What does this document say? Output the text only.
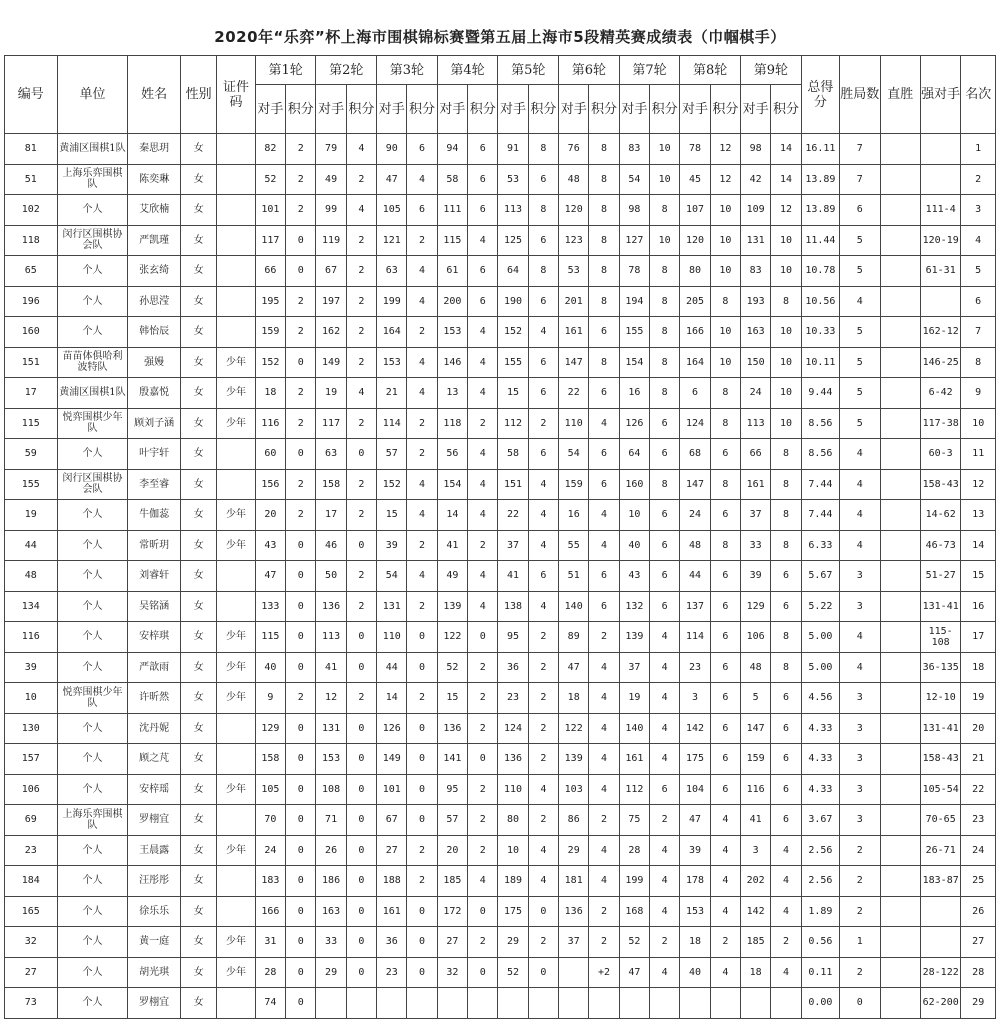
2020年“乐弈”杯上海市围棋锦标赛暨第五届上海市5段精英赛成绩表（巾帼棋手）
编号	单位	姓名	性别	证件码	第1轮		第2轮		第3轮		第4轮		第5轮		第6轮		第7轮		第8轮		第9轮		总得分	胜局数	直胜	强对手	名次
					对手	积分	对手	积分	对手	积分	对手	积分	对手	积分	对手	积分	对手	积分	对手	积分	对手	积分					
81	黄浦区围棋1队	秦思玥	女		82	2	79	4	90	6	94	6	91	8	76	8	83	10	78	12	98	14	16.11	7			1
51	上海乐弈围棋队	陈奕琳	女		52	2	49	2	47	4	58	6	53	6	48	8	54	10	45	12	42	14	13.89	7			2
102	个人	艾欣楠	女		101	2	99	4	105	6	111	6	113	8	120	8	98	8	107	10	109	12	13.89	6		111-4	3
118	闵行区围棋协会队	严凯瑾	女		117	0	119	2	121	2	115	4	125	6	123	8	127	10	120	10	131	10	11.44	5		120-19	4
65	个人	张玄绮	女		66	0	67	2	63	4	61	6	64	8	53	8	78	8	80	10	83	10	10.78	5		61-31	5
196	个人	孙思滢	女		195	2	197	2	199	4	200	6	190	6	201	8	194	8	205	8	193	8	10.56	4			6
160	个人	韩怡辰	女		159	2	162	2	164	2	153	4	152	4	161	6	155	8	166	10	163	10	10.33	5		162-12	7
151	苗苗体俱哈利波特队	强嫚	女	少年	152	0	149	2	153	4	146	4	155	6	147	8	154	8	164	10	150	10	10.11	5		146-25	8
17	黄浦区围棋1队	殷嘉悦	女	少年	18	2	19	4	21	4	13	4	15	6	22	6	16	8	6	8	24	10	9.44	5		6-42	9
115	悦弈围棋少年队	顾刘子涵	女	少年	116	2	117	2	114	2	118	2	112	2	110	4	126	6	124	8	113	10	8.56	5		117-38	10
59	个人	叶宇轩	女		60	0	63	0	57	2	56	4	58	6	54	6	64	6	68	6	66	8	8.56	4		60-3	11
155	闵行区围棋协会队	李至睿	女		156	2	158	2	152	4	154	4	151	4	159	6	160	8	147	8	161	8	7.44	4		158-43	12
19	个人	牛伽蕊	女	少年	20	2	17	2	15	4	14	4	22	4	16	4	10	6	24	6	37	8	7.44	4		14-62	13
44	个人	常昕玥	女	少年	43	0	46	0	39	2	41	2	37	4	55	4	40	6	48	8	33	8	6.33	4		46-73	14
48	个人	刘睿轩	女		47	0	50	2	54	4	49	4	41	6	51	6	43	6	44	6	39	6	5.67	3		51-27	15
134	个人	吴铭涵	女		133	0	136	2	131	2	139	4	138	4	140	6	132	6	137	6	129	6	5.22	3		131-41	16
116	个人	安梓琪	女	少年	115	0	113	0	110	0	122	0	95	2	89	2	139	4	114	6	106	8	5.00	4		115-108	17
39	个人	严歆雨	女	少年	40	0	41	0	44	0	52	2	36	2	47	4	37	4	23	6	48	8	5.00	4		36-135	18
10	悦弈围棋少年队	许昕然	女	少年	9	2	12	2	14	2	15	2	23	2	18	4	19	4	3	6	5	6	4.56	3		12-10	19
130	个人	沈丹妮	女		129	0	131	0	126	0	136	2	124	2	122	4	140	4	142	6	147	6	4.33	3		131-41	20
157	个人	顾之芃	女		158	0	153	0	149	0	141	0	136	2	139	4	161	4	175	6	159	6	4.33	3		158-43	21
106	个人	安梓瑶	女	少年	105	0	108	0	101	0	95	2	110	4	103	4	112	6	104	6	116	6	4.33	3		105-54	22
69	上海乐弈围棋队	罗栩宜	女		70	0	71	0	67	0	57	2	80	2	86	2	75	2	47	4	41	6	3.67	3		70-65	23
23	个人	王晨露	女	少年	24	0	26	0	27	2	20	2	10	4	29	4	28	4	39	4	3	4	2.56	2		26-71	24
184	个人	汪彤彤	女		183	0	186	0	188	2	185	4	189	4	181	4	199	4	178	4	202	4	2.56	2		183-87	25
165	个人	徐乐乐	女		166	0	163	0	161	0	172	0	175	0	136	2	168	4	153	4	142	4	1.89	2			26
32	个人	黄一庭	女	少年	31	0	33	0	36	0	27	2	29	2	37	2	52	2	18	2	185	2	0.56	1			27
27	个人	胡光琪	女	少年	28	0	29	0	23	0	32	0	52	0		+2	47	4	40	4	18	4	0.11	2		28-122	28
73	个人	罗栩宜	女		74	0																	0.00	0		62-200	29
